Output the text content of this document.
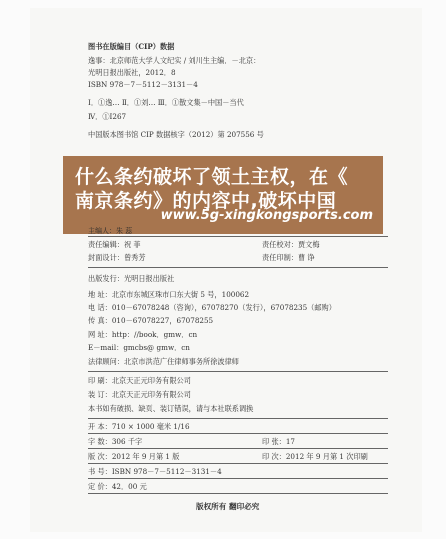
图书在版编目（CIP）数据
逸事：北京师范大学人文纪实 / 刘川生主编．－北京：
光明日报出版社，2012．8
ISBN 978－7－5112－3131－4
Ⅰ．①逸… Ⅱ．①刘… Ⅲ．①散文集－中国－当代
Ⅳ．①I267
中国版本图书馆 CIP 数据核字（2012）第 207556 号
什么条约破坏了领土主权，在《
南京条约》的内容中,破坏中国
www.5g-xingkongsports.com
主编人：朱 蕊
责任编辑：祝 菲	责任校对：贾文梅
封面设计：曾秀芳	责任印制：曹 诤
出版发行：光明日报出版社
地 址：北京市东城区珠市口东大街 5 号，100062
电 话：010－67078248（咨询），67078270（发行），67078235（邮购）
传 真：010－67078227，67078255
网 址：http：//book．gmw．cn
E－mail：gmcbs@ gmw．cn
法律顾问：北京市洪范广住律师事务所徐波律师
印 刷：北京天正元印务有限公司
装 订：北京天正元印务有限公司
本书如有破损、缺页、装订错误，请与本社联系调换
开 本：710 × 1000 毫米 1/16
字 数：306 千字	印 张：17
版 次：2012 年 9 月第 1 版	印 次：2012 年 9 月第 1 次印刷
书 号：ISBN 978－7－5112－3131－4
定 价：42．00 元
版权所有 翻印必究
